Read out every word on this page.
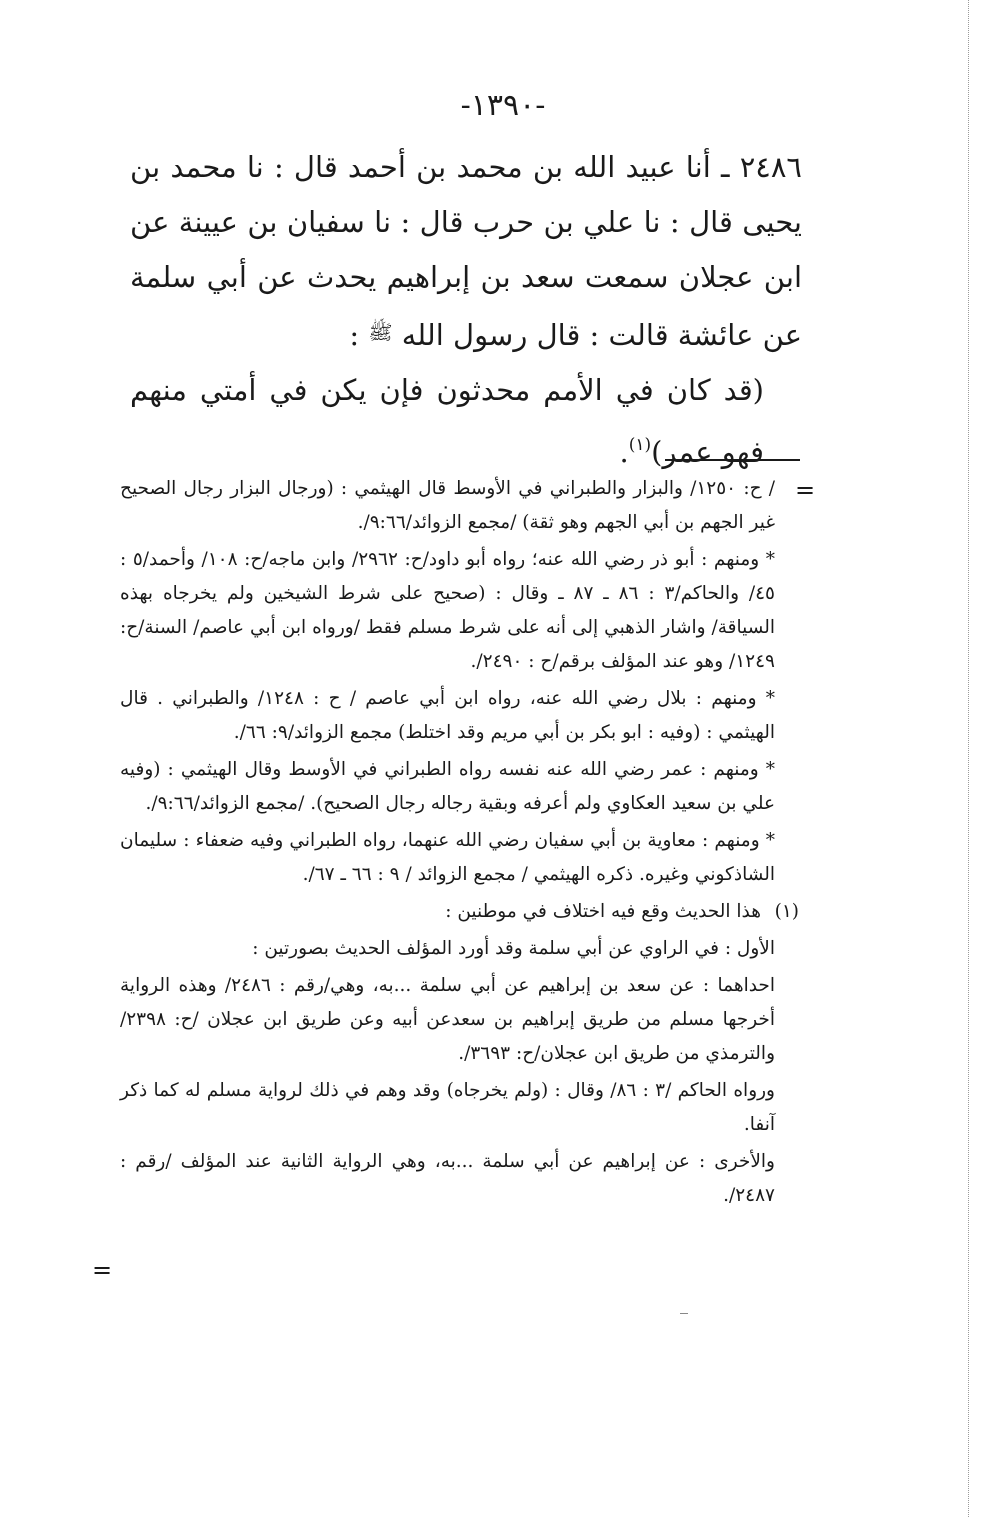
-١٣٩٠-

٢٤٨٦ ـ أنا عبيد الله بن محمد بن أحمد قال : نا محمد بن يحيى قال : نا علي بن حرب قال : نا سفيان بن عيينة عن ابن عجلان سمعت سعد بن إبراهيم يحدث عن أبي سلمة عن عائشة قالت : قال رسول الله $^ﷺ$ :

(قد كان في الأمم محدثون فإن يكن في أمتي منهم فهو عمر)$^{(١)}$.

=

/ ح: ١٢٥٠/ والبزار والطبراني في الأوسط قال الهيثمي : (ورجال البزار رجال الصحيح غير الجهم بن أبي الجهم وهو ثقة) /مجمع الزوائد/٩:٦٦/.

* ومنهم : أبو ذر رضي الله عنه؛ رواه أبو داود/ح: ٢٩٦٢/ وابن ماجه/ح: ١٠٨/ وأحمد/٥ : ٤٥/ والحاكم/٣ : ٨٦ ـ ٨٧ ـ وقال : (صحيح على شرط الشيخين ولم يخرجاه بهذه السياقة/ واشار الذهبي إلى أنه على شرط مسلم فقط /ورواه ابن أبي عاصم/ السنة/ح: ١٢٤٩/ وهو عند المؤلف برقم/ح : ٢٤٩٠/.

* ومنهم : بلال رضي الله عنه، رواه ابن أبي عاصم / ح : ١٢٤٨/ والطبراني . قال الهيثمي : (وفيه : ابو بكر بن أبي مريم وقد اختلط) مجمع الزوائد/٩: ٦٦/.

* ومنهم : عمر رضي الله عنه نفسه رواه الطبراني في الأوسط وقال الهيثمي : (وفيه علي بن سعيد العكاوي ولم أعرفه وبقية رجاله رجال الصحيح). /مجمع الزوائد/٩:٦٦/.

* ومنهم : معاوية بن أبي سفيان رضي الله عنهما، رواه الطبراني وفيه ضعفاء : سليمان الشاذكوني وغيره. ذكره الهيثمي / مجمع الزوائد / ٩ : ٦٦ ـ ٦٧/.

(١)

هذا الحديث وقع فيه اختلاف في موطنين :

الأول : في الراوي عن أبي سلمة وقد أورد المؤلف الحديث بصورتين :

احداهما : عن سعد بن إبراهيم عن أبي سلمة ...به، وهي/رقم : ٢٤٨٦/ وهذه الرواية أخرجها مسلم من طريق إبراهيم بن سعدعن أبيه وعن طريق ابن عجلان /ح: ٢٣٩٨/ والترمذي من طريق ابن عجلان/ح: ٣٦٩٣/.

ورواه الحاكم /٣ : ٨٦/ وقال : (ولم يخرجاه) وقد وهم في ذلك لرواية مسلم له كما ذكر آنفا.

والأخرى : عن إبراهيم عن أبي سلمة ...به، وهي الرواية الثانية عند المؤلف /رقم : ٢٤٨٧/.

=
